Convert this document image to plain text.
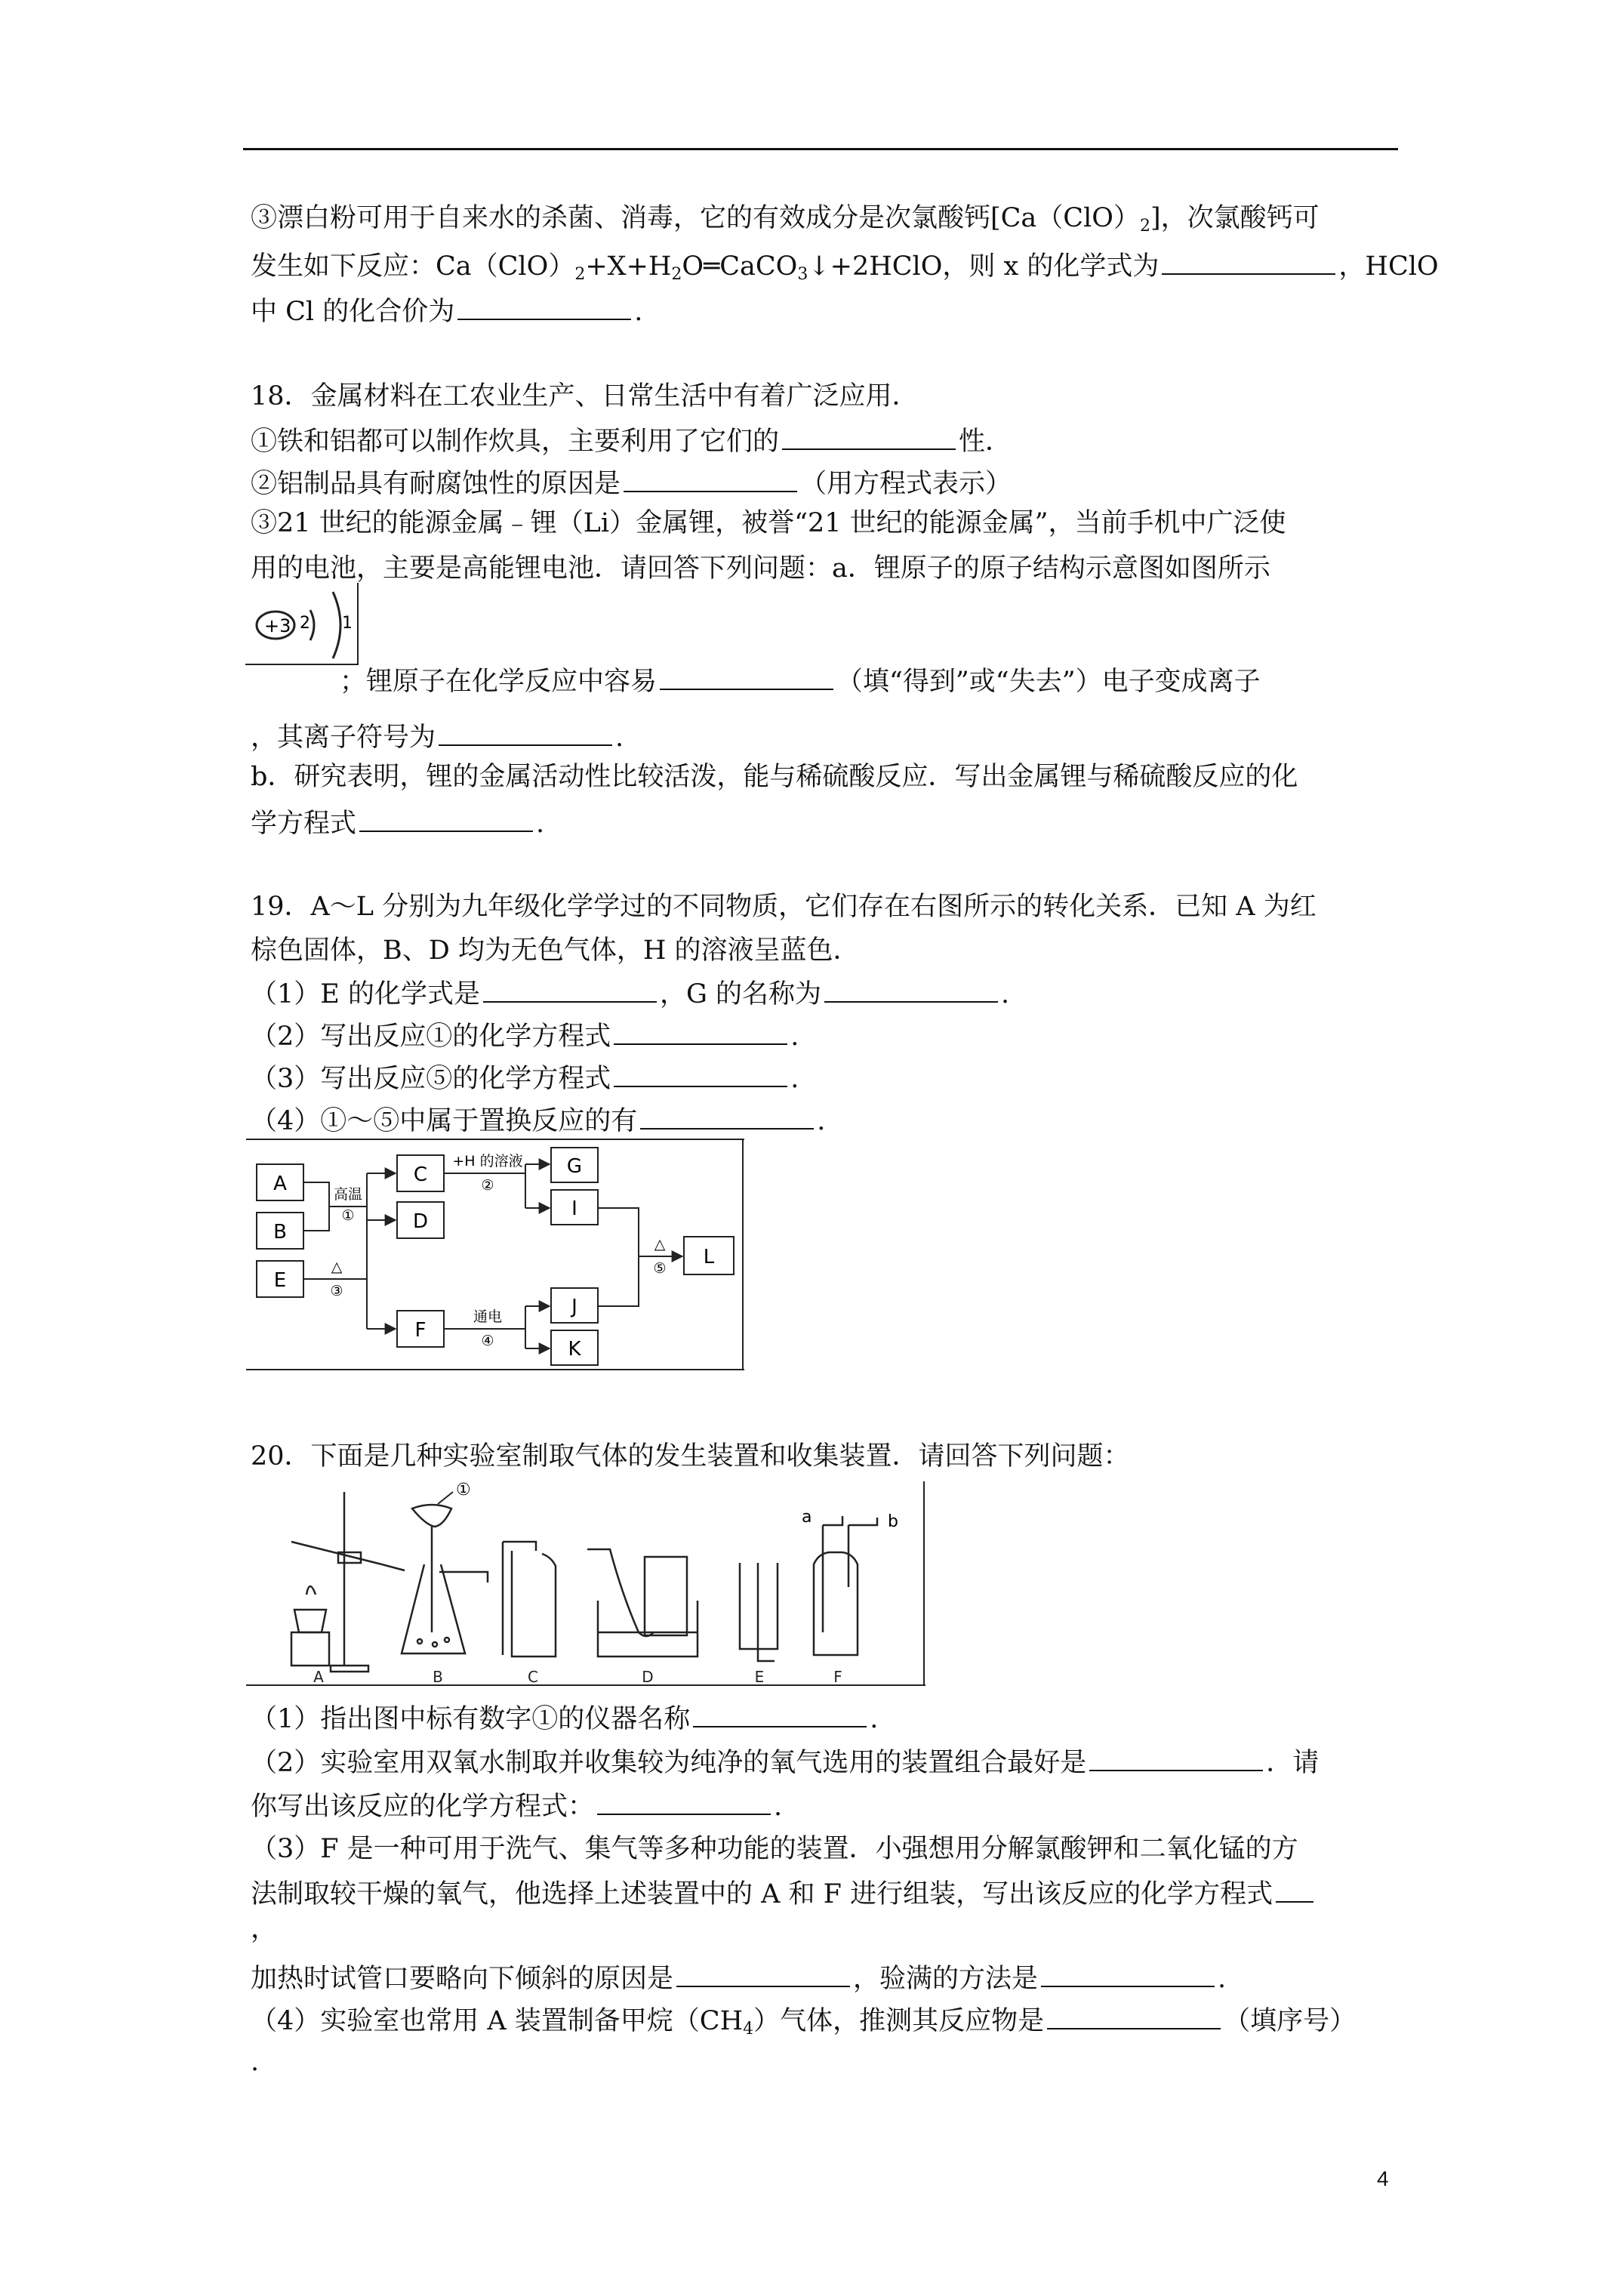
③漂白粉可用于自来水的杀菌、消毒，它的有效成分是次氯酸钙$[Ca(ClO)_2]$，次氯酸钙可
发生如下反应：$Ca(ClO)_2+X+H_2O═CaCO_3↓+2HClO$，则 x 的化学式为	，HClO
中 Cl 的化合价为	.
18．金属材料在工农业生产、日常生活中有着广泛应用．
①铁和铝都可以制作炊具，主要利用了它们的	性．
②铝制品具有耐腐蚀性的原因是	（用方程式表示）
③21 世纪的能源金属﹣锂（Li）金属锂，被誉“21 世纪的能源金属”，当前手机中广泛使
用的电池，主要是高能锂电池．请回答下列问题：a．锂原子的原子结构示意图如图所示
+3 2 1
；锂原子在化学反应中容易	（填“得到”或“失去”）电子变成离子
，其离子符号为	.
b．研究表明，锂的金属活动性比较活泼，能与稀硫酸反应．写出金属锂与稀硫酸反应的化
学方程式	.
19．A～L 分别为九年级化学学过的不同物质，它们存在右图所示的转化关系．已知 A 为红
棕色固体，B、D 均为无色气体，H 的溶液呈蓝色．
（1）E 的化学式是	，G 的名称为	.
（2）写出反应①的化学方程式	.
（3）写出反应⑤的化学方程式	.
（4）①～⑤中属于置换反应的有	.
A
B
E
C
D
F
G
I
J
K
L
高温
①
+H 的溶液
②
△
③
通电
④
△
⑤
20．下面是几种实验室制取气体的发生装置和收集装置．请回答下列问题：
①
a	b
A	B	C	D	E	F
（1）指出图中标有数字①的仪器名称	.
（2）实验室用双氧水制取并收集较为纯净的氧气选用的装置组合最好是	．请
你写出该反应的化学方程式：	.
（3）F 是一种可用于洗气、集气等多种功能的装置．小强想用分解氯酸钾和二氧化锰的方
法制取较干燥的氧气，他选择上述装置中的 A 和 F 进行组装，写出该反应的化学方程式
，
加热时试管口要略向下倾斜的原因是	，验满的方法是	.
（4）实验室也常用 A 装置制备甲烷$(CH_4)$气体，推测其反应物是	（填序号）
.
4
